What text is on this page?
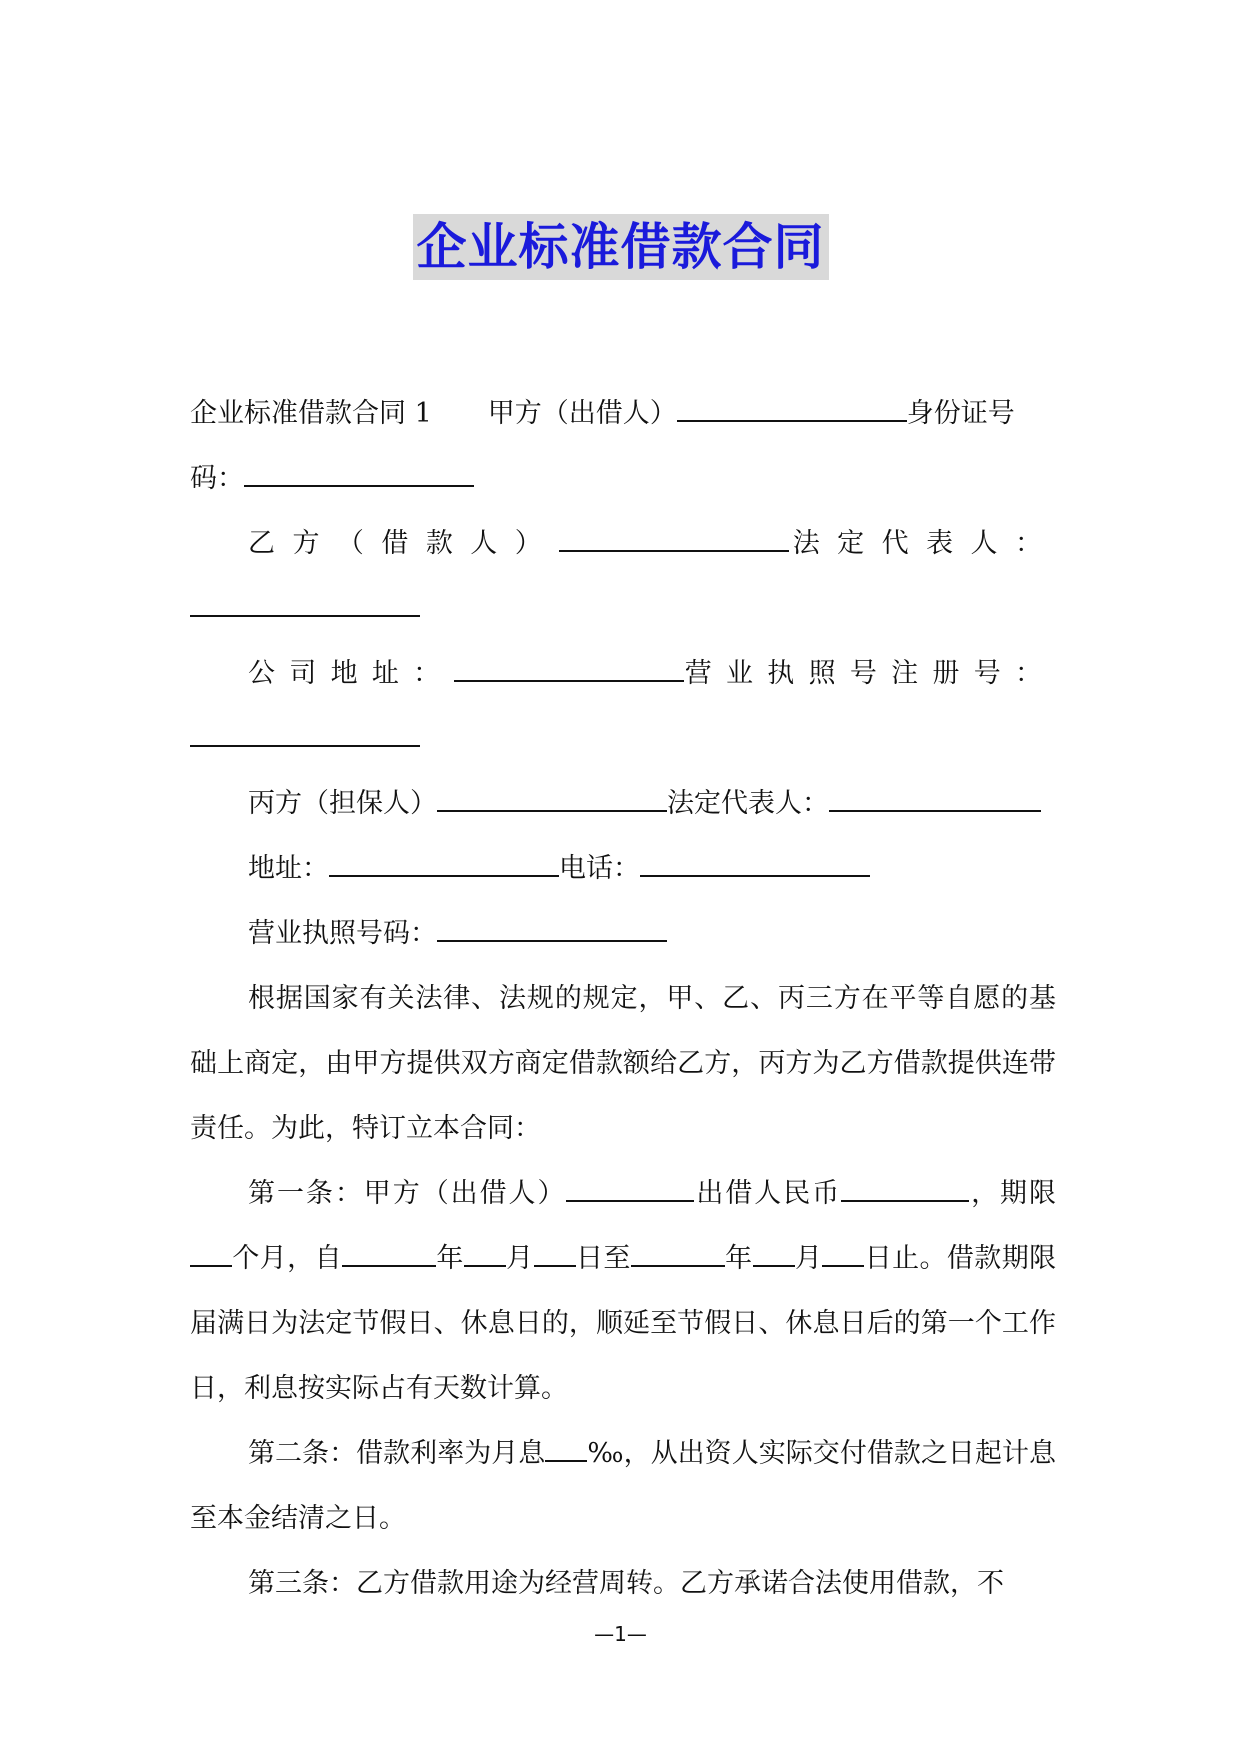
企业标准借款合同

企业标准借款合同 1 甲方（出借人）	身份证号

码：

乙方（借款人）	法定代表人：

公司地址：	营业执照号注册号：

丙方（担保人）	法定代表人：

地址：	电话：

营业执照号码：

根据国家有关法律、法规的规定，甲、乙、丙三方在平等自愿的基础上商定，由甲方提供双方商定借款额给乙方，丙方为乙方借款提供连带责任。为此，特订立本合同：

第一条：甲方（出借人）	出借人民币	，期限个月，自	年 月 日至	年 月 日止。借款期限届满日为法定节假日、休息日的，顺延至节假日、休息日后的第一个工作日，利息按实际占有天数计算。

第二条：借款利率为月息 ‰，从出资人实际交付借款之日起计息至本金结清之日。

第三条：乙方借款用途为经营周转。乙方承诺合法使用借款，不

—1—
